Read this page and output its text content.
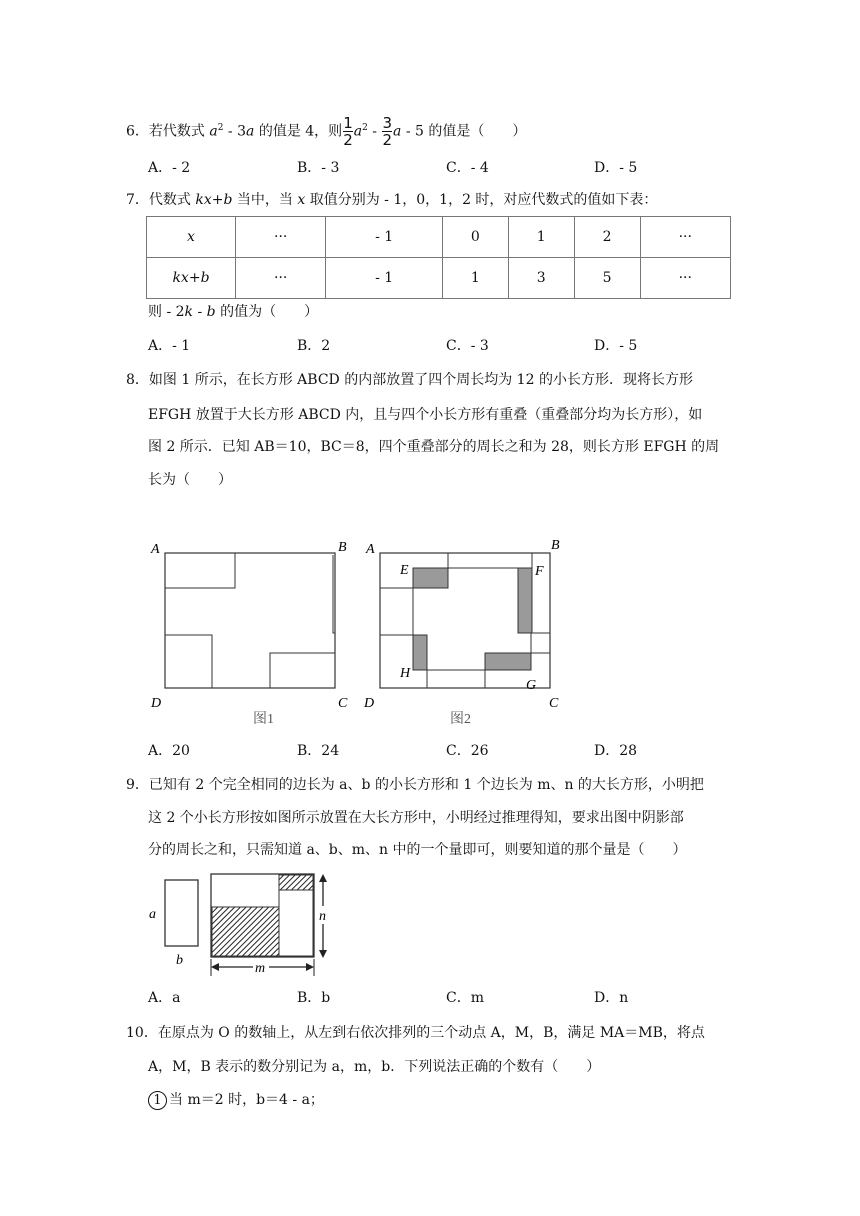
6．若代数式 $a^2 - 3a$ 的值是 4，则 $\frac{1}{2} a^2 - \frac{3}{2}$ a - 5 的值是（　　）
A．- 2	B．- 3	C．- 4	D．- 5
7．代数式 kx+b 当中，当 x 取值分别为 - 1，0，1，2 时，对应代数式的值如下表：
x	···	- 1	0	1	2	···
kx+b	···	- 1	1	3	5	···
则 - 2k - b 的值为（　　）
A．- 1	B．2	C．- 3	D．- 5
8．如图 1 所示，在长方形 ABCD 的内部放置了四个周长均为 12 的小长方形．现将长方形
EFGH 放置于大长方形 ABCD 内，且与四个小长方形有重叠（重叠部分均为长方形），如
图 2 所示．已知 AB＝10，BC＝8，四个重叠部分的周长之和为 28，则长方形 EFGH 的周
长为（　　）
A	B
C
D
图1
A	B
C
D
E	F
G
H
图2
A．20	B．24	C．26	D．28
9．已知有 2 个完全相同的边长为 a、b 的小长方形和 1 个边长为 m、n 的大长方形，小明把
这 2 个小长方形按如图所示放置在大长方形中，小明经过推理得知，要求出图中阴影部
分的周长之和，只需知道 a、b、m、n 中的一个量即可，则要知道的那个量是（　　）
a
b
n
m
A．a	B．b	C．m	D．n
10．在原点为 O 的数轴上，从左到右依次排列的三个动点 A，M，B，满足 MA＝MB，将点
A，M，B 表示的数分别记为 a，m，b．下列说法正确的个数有（　　）
1 当 m＝2 时，b＝4 - a；
